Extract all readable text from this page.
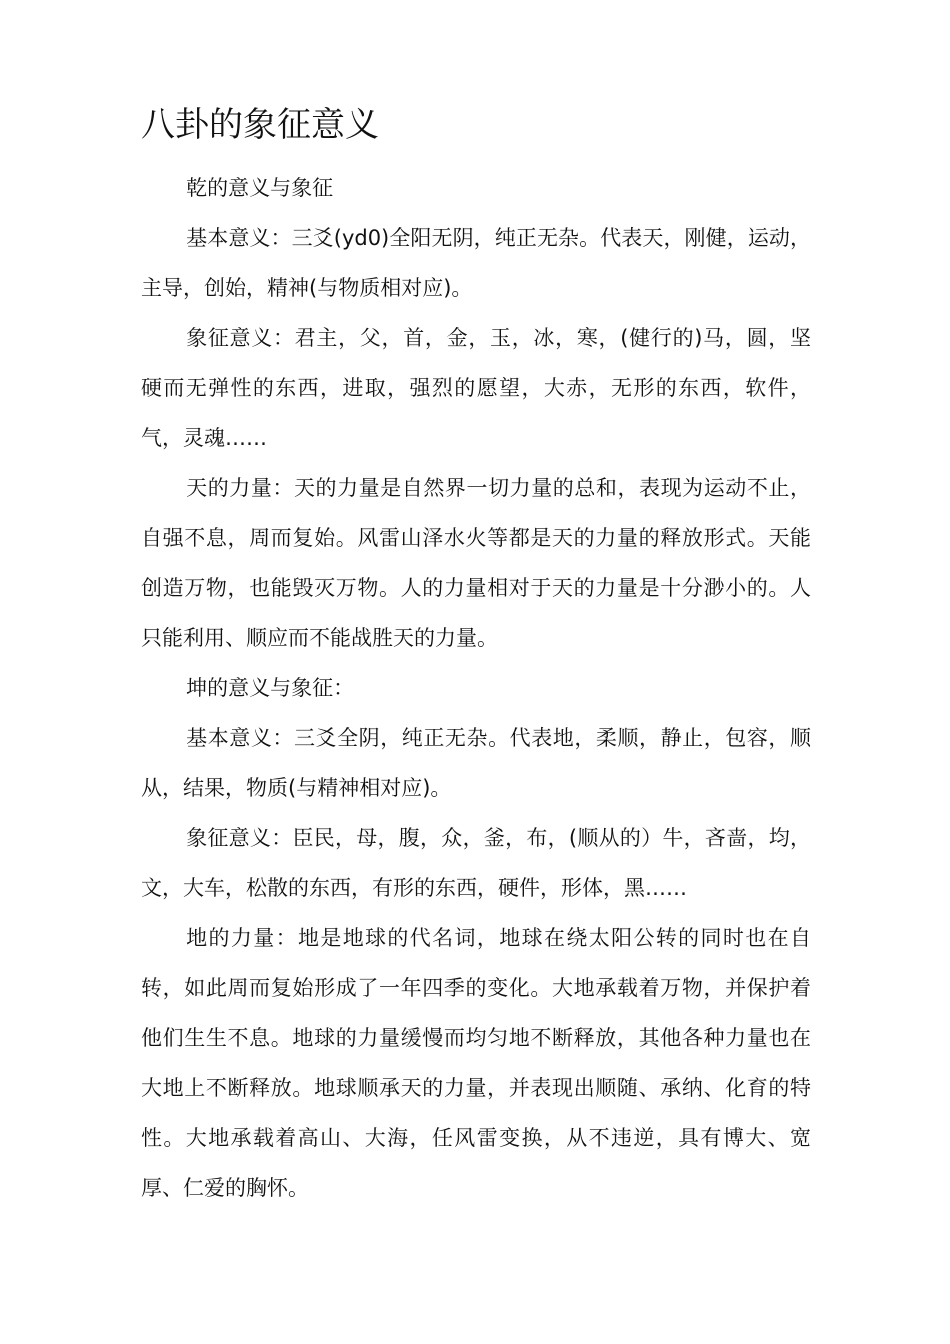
八卦的象征意义

乾的意义与象征

基本意义：三爻(yd0)全阳无阴，纯正无杂。代表天，刚健，运动，主导，创始，精神(与物质相对应)。

象征意义：君主，父，首，金，玉，冰，寒，(健行的)马，圆，坚硬而无弹性的东西，进取，强烈的愿望，大赤，无形的东西，软件，气，灵魂……

天的力量：天的力量是自然界一切力量的总和，表现为运动不止，自强不息，周而复始。风雷山泽水火等都是天的力量的释放形式。天能创造万物，也能毁灭万物。人的力量相对于天的力量是十分渺小的。人只能利用、顺应而不能战胜天的力量。

坤的意义与象征：

基本意义：三爻全阴，纯正无杂。代表地，柔顺，静止，包容，顺从，结果，物质(与精神相对应)。

象征意义：臣民，母，腹，众，釜，布，(顺从的）牛，吝啬，均，文，大车，松散的东西，有形的东西，硬件，形体，黑……

地的力量：地是地球的代名词，地球在绕太阳公转的同时也在自转，如此周而复始形成了一年四季的变化。大地承载着万物，并保护着他们生生不息。地球的力量缓慢而均匀地不断释放，其他各种力量也在大地上不断释放。地球顺承天的力量，并表现出顺随、承纳、化育的特性。大地承载着高山、大海，任风雷变换，从不违逆，具有博大、宽厚、仁爱的胸怀。
